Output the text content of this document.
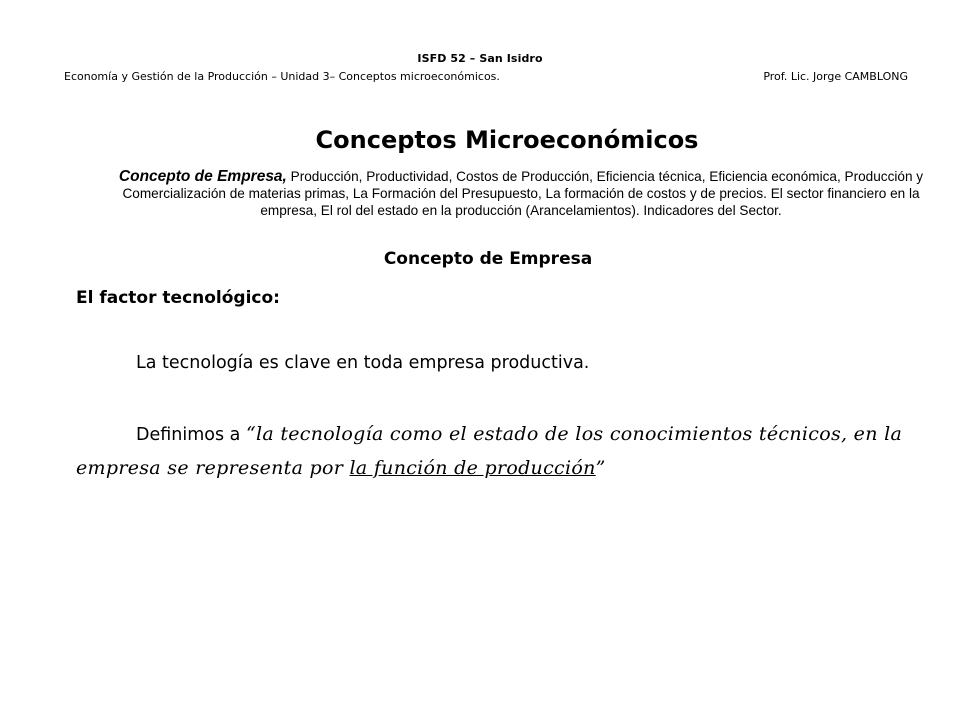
ISFD 52 – San Isidro
Economía y Gestión de la Producción – Unidad 3– Conceptos microeconómicos.	Prof. Lic. Jorge CAMBLONG
Conceptos Microeconómicos
Concepto de Empresa, Producción, Productividad, Costos de Producción, Eficiencia técnica, Eficiencia económica, Producción y Comercialización de materias primas, La Formación del Presupuesto, La formación de costos y de precios. El sector financiero en la empresa, El rol del estado en la producción (Arancelamientos). Indicadores del Sector.
Concepto de Empresa
El factor tecnológico:
La tecnología es clave en toda empresa productiva.
Definimos a “la tecnología como el estado de los conocimientos técnicos, en la empresa se representa por la función de producción”
